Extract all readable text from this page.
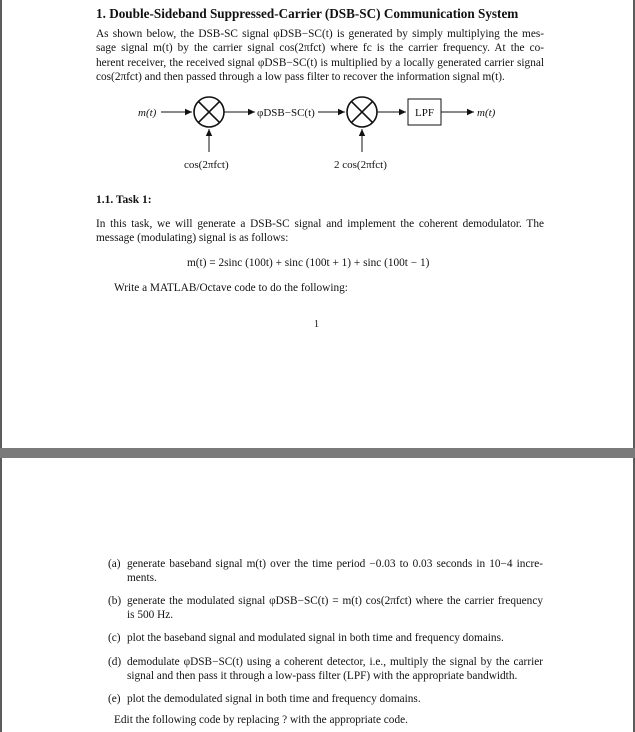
1. Double-Sideband Suppressed-Carrier (DSB-SC) Communication System
As shown below, the DSB-SC signal φDSB−SC(t) is generated by simply multiplying the mes-
sage signal m(t) by the carrier signal cos(2πfct) where fc is the carrier frequency. At the co-
herent receiver, the received signal φDSB−SC(t) is multiplied by a locally generated carrier signal
cos(2πfct) and then passed through a low pass filter to recover the information signal m(t).
m(t)
cos(2πfct)
φDSB−SC(t)
2 cos(2πfct)
LPF	m(t)
1.1. Task 1:
In this task, we will generate a DSB-SC signal and implement the coherent demodulator. The
message (modulating) signal is as follows:
m(t) = 2sinc (100t) + sinc (100t + 1) + sinc (100t − 1)
Write a MATLAB/Octave code to do the following:
1
(a) generate baseband signal m(t) over the time period −0.03 to 0.03 seconds in 10−4 incre-
ments.
(b) generate the modulated signal φDSB−SC(t) = m(t) cos(2πfct) where the carrier frequency
is 500 Hz.
(c) plot the baseband signal and modulated signal in both time and frequency domains.
(d) demodulate φDSB−SC(t) using a coherent detector, i.e., multiply the signal by the carrier
signal and then pass it through a low-pass filter (LPF) with the appropriate bandwidth.
(e) plot the demodulated signal in both time and frequency domains.
Edit the following code by replacing ? with the appropriate code.
